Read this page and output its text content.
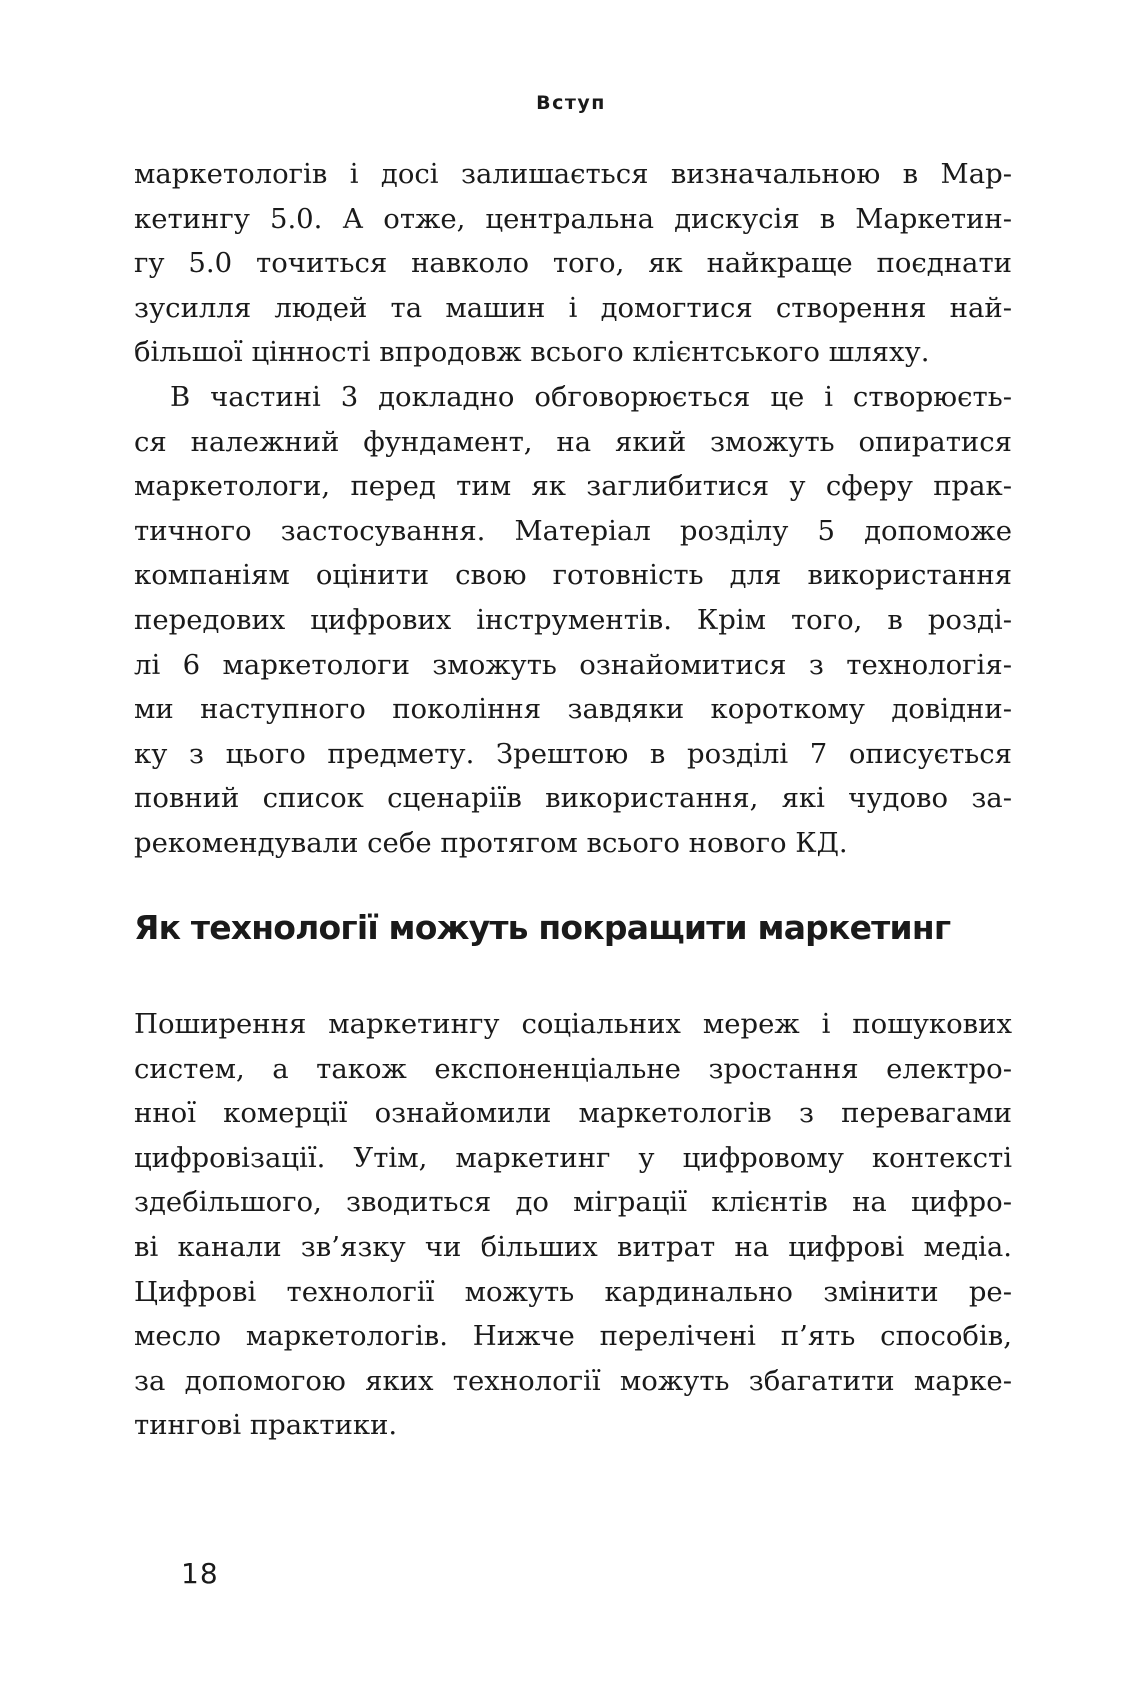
Вступ
маркетологів і досі залишається визначальною в Мар-
кетингу 5.0. А отже, центральна дискусія в Маркетин-
гу 5.0 точиться навколо того, як найкраще поєднати
зусилля людей та машин і домогтися створення най-
більшої цінності впродовж всього клієнтського шляху.
В частині 3 докладно обговорюється це і створюєть-
ся належний фундамент, на який зможуть опиратися
маркетологи, перед тим як заглибитися у сферу прак-
тичного застосування. Матеріал розділу 5 допоможе
компаніям оцінити свою готовність для використання
передових цифрових інструментів. Крім того, в розді-
лі 6 маркетологи зможуть ознайомитися з технологія-
ми наступного покоління завдяки короткому довідни-
ку з цього предмету. Зрештою в розділі 7 описується
повний список сценаріїв використання, які чудово за-
рекомендували себе протягом всього нового КД.
Як технології можуть покращити маркетинг
Поширення маркетингу соціальних мереж і пошукових
систем, а також експоненціальне зростання електро-
нної комерції ознайомили маркетологів з перевагами
цифровізації. Утім, маркетинг у цифровому контексті
здебільшого, зводиться до міграції клієнтів на цифро-
ві канали зв’язку чи більших витрат на цифрові медіа.
Цифрові технології можуть кардинально змінити ре-
месло маркетологів. Нижче перелічені п’ять способів,
за допомогою яких технології можуть збагатити марке-
тингові практики.
18
